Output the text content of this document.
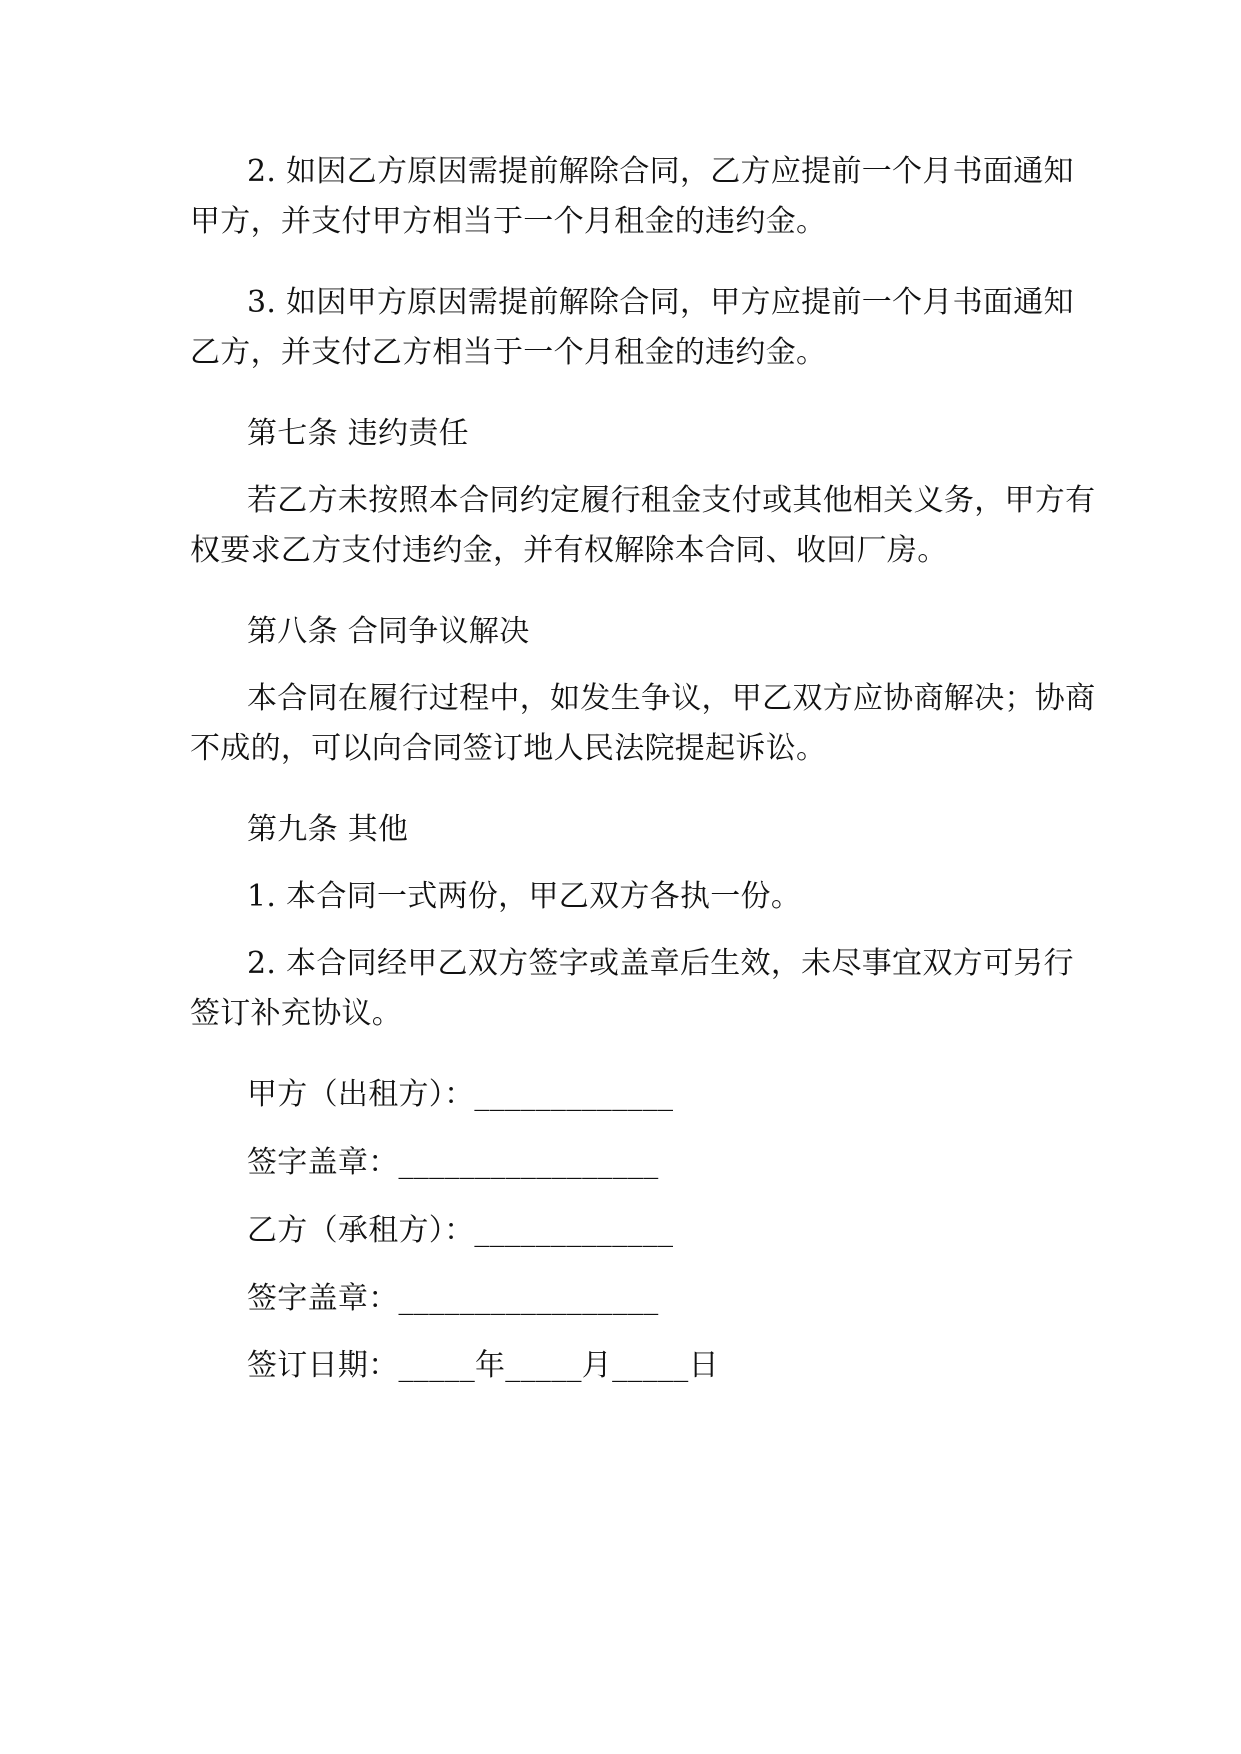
2. 如因乙方原因需提前解除合同，乙方应提前一个月书面通知
甲方，并支付甲方相当于一个月租金的违约金。
3. 如因甲方原因需提前解除合同，甲方应提前一个月书面通知
乙方，并支付乙方相当于一个月租金的违约金。
第七条 违约责任
若乙方未按照本合同约定履行租金支付或其他相关义务，甲方有
权要求乙方支付违约金，并有权解除本合同、收回厂房。
第八条 合同争议解决
本合同在履行过程中，如发生争议，甲乙双方应协商解决；协商
不成的，可以向合同签订地人民法院提起诉讼。
第九条 其他
1. 本合同一式两份，甲乙双方各执一份。
2. 本合同经甲乙双方签字或盖章后生效，未尽事宜双方可另行
签订补充协议。
甲方（出租方）：_____________
签字盖章：_________________
乙方（承租方）：_____________
签字盖章：_________________
签订日期：_____年_____月_____日
